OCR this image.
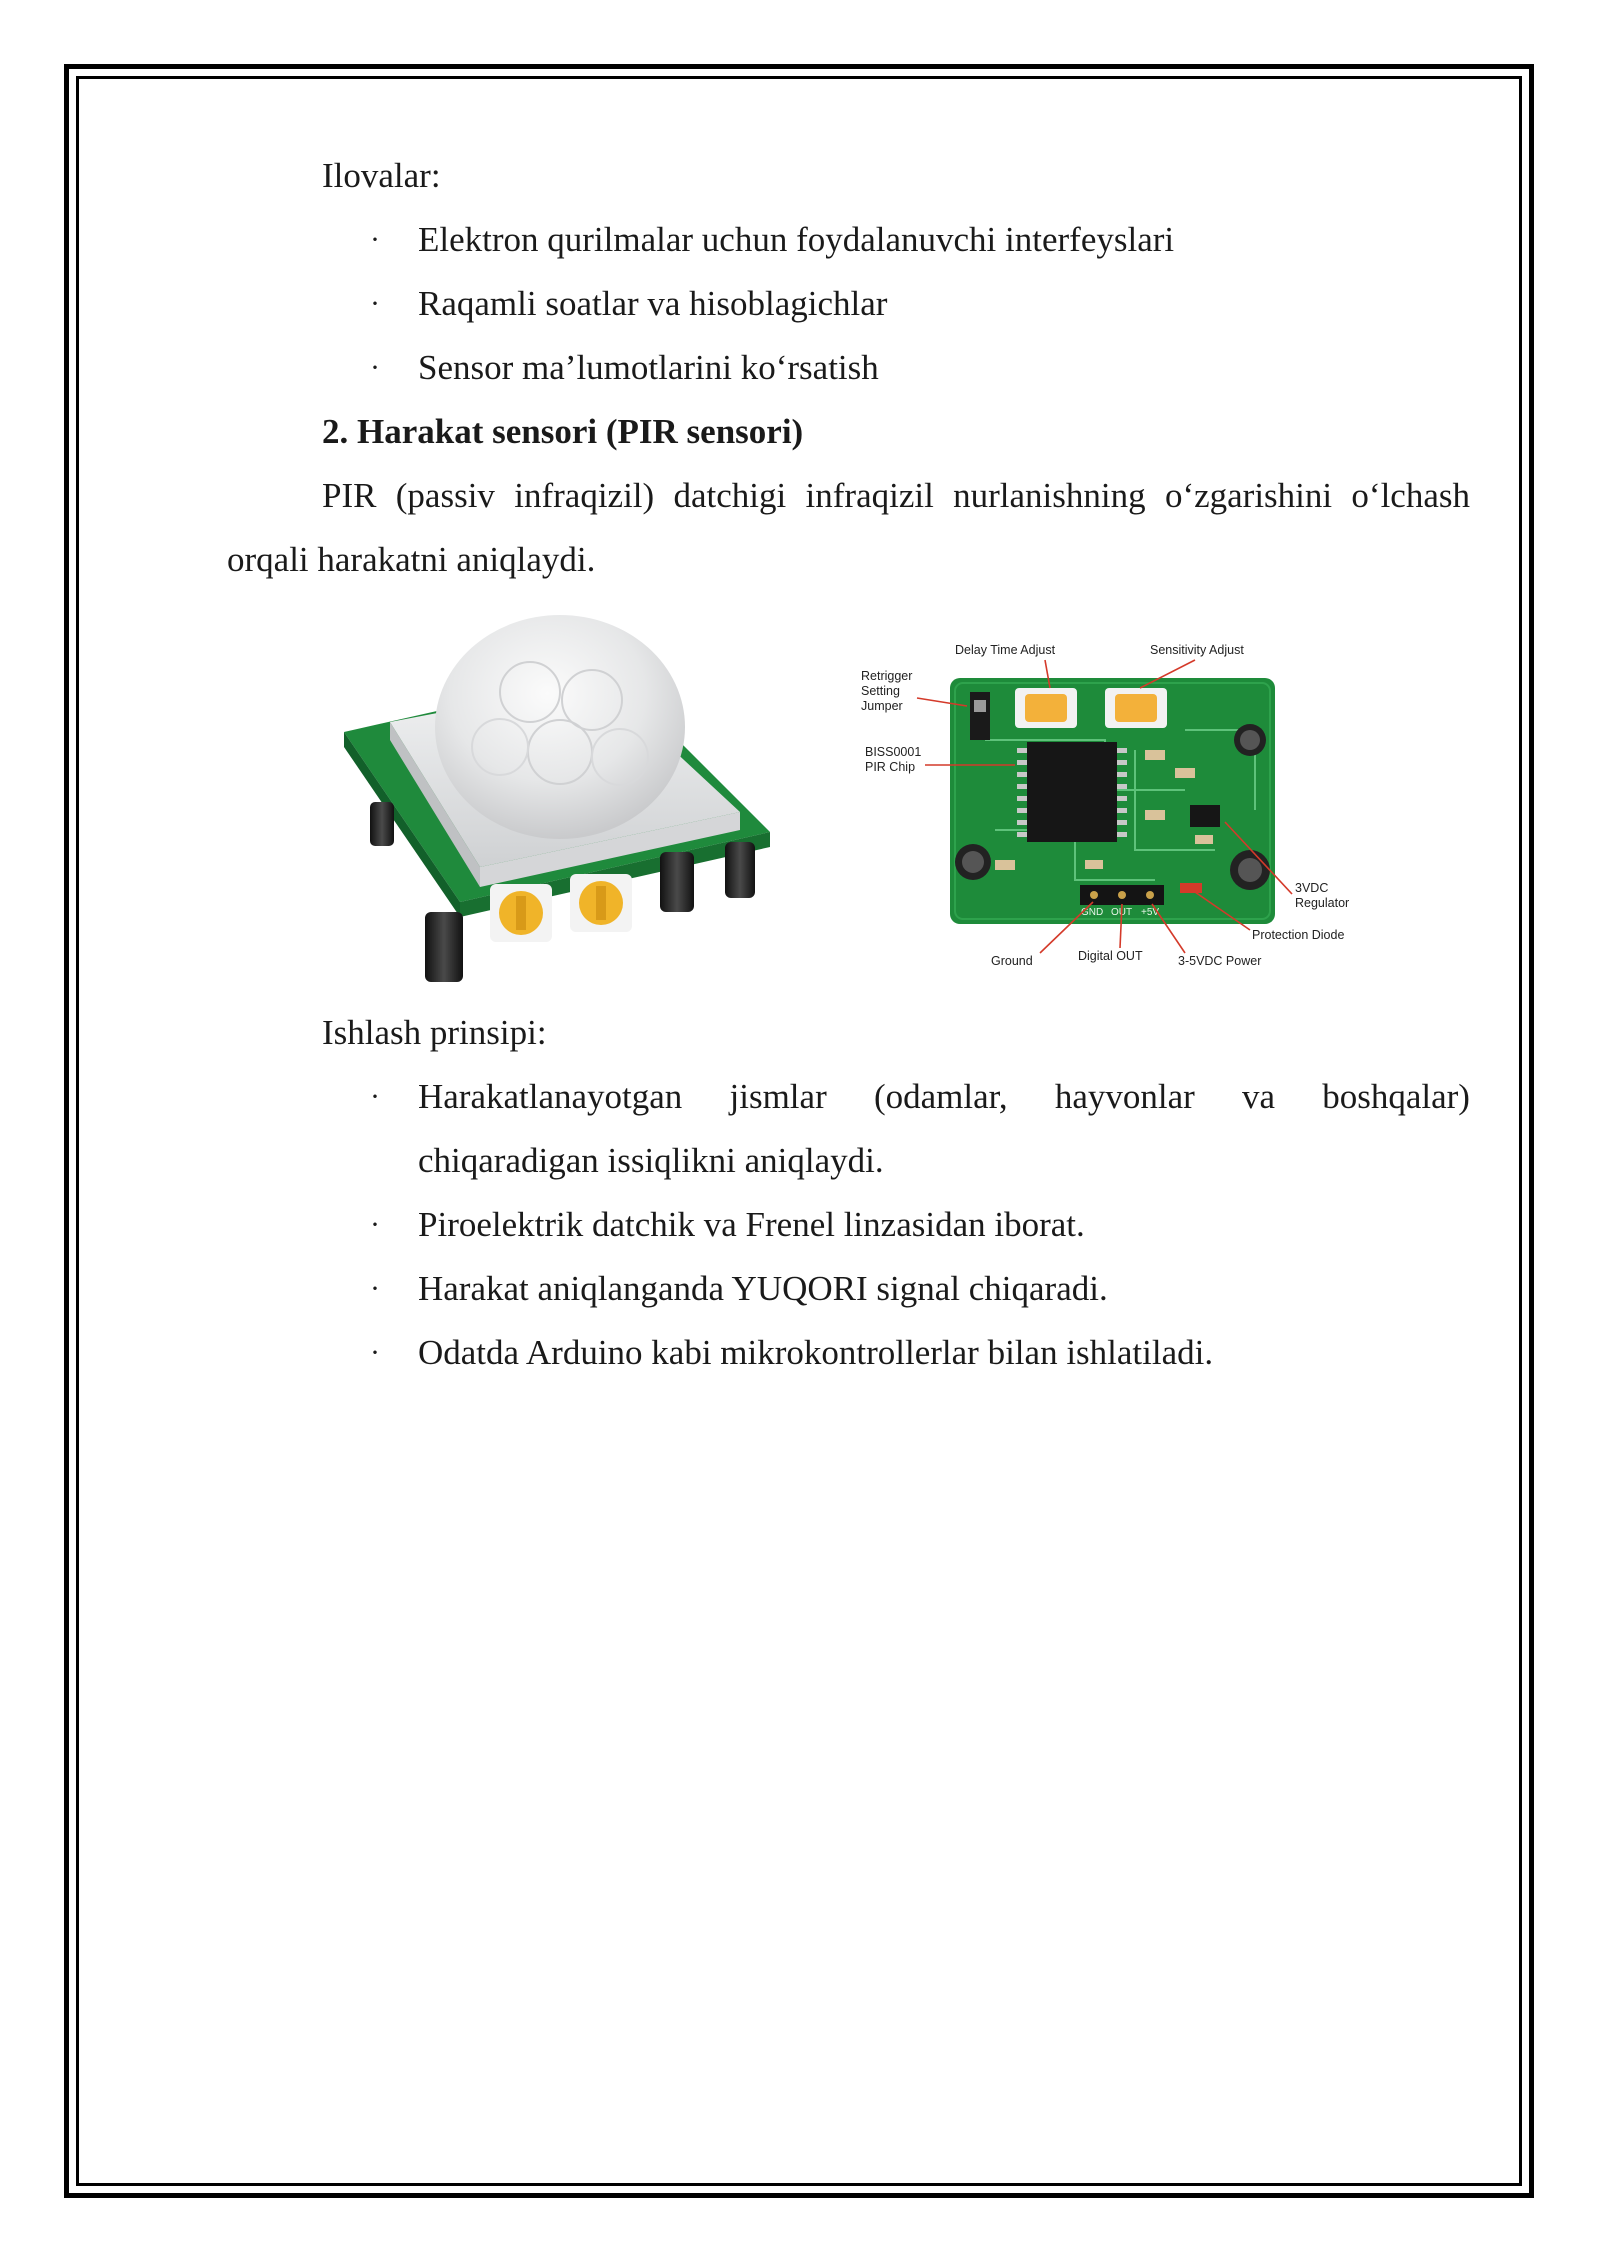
Ilovalar:
· Elektron qurilmalar uchun foydalanuvchi interfeyslari
· Raqamli soatlar va hisoblagichlar
· Sensor ma’lumotlarini ko‘rsatish
2. Harakat sensori (PIR sensori)
PIR (passiv infraqizil) datchigi infraqizil nurlanishning o‘zgarishini o‘lchash
orqali harakatni aniqlaydi.
GND OUT +5V
Delay Time Adjust	Sensitivity Adjust
Retrigger
Setting
Jumper
BISS0001
PIR Chip
3VDC
Regulator
Protection Diode
Ground	Digital OUT	3-5VDC Power
Ishlash prinsipi:
· Harakatlanayotgan jismlar (odamlar, hayvonlar va boshqalar)
chiqaradigan issiqlikni aniqlaydi.
· Piroelektrik datchik va Frenel linzasidan iborat.
· Harakat aniqlanganda YUQORI signal chiqaradi.
· Odatda Arduino kabi mikrokontrollerlar bilan ishlatiladi.
